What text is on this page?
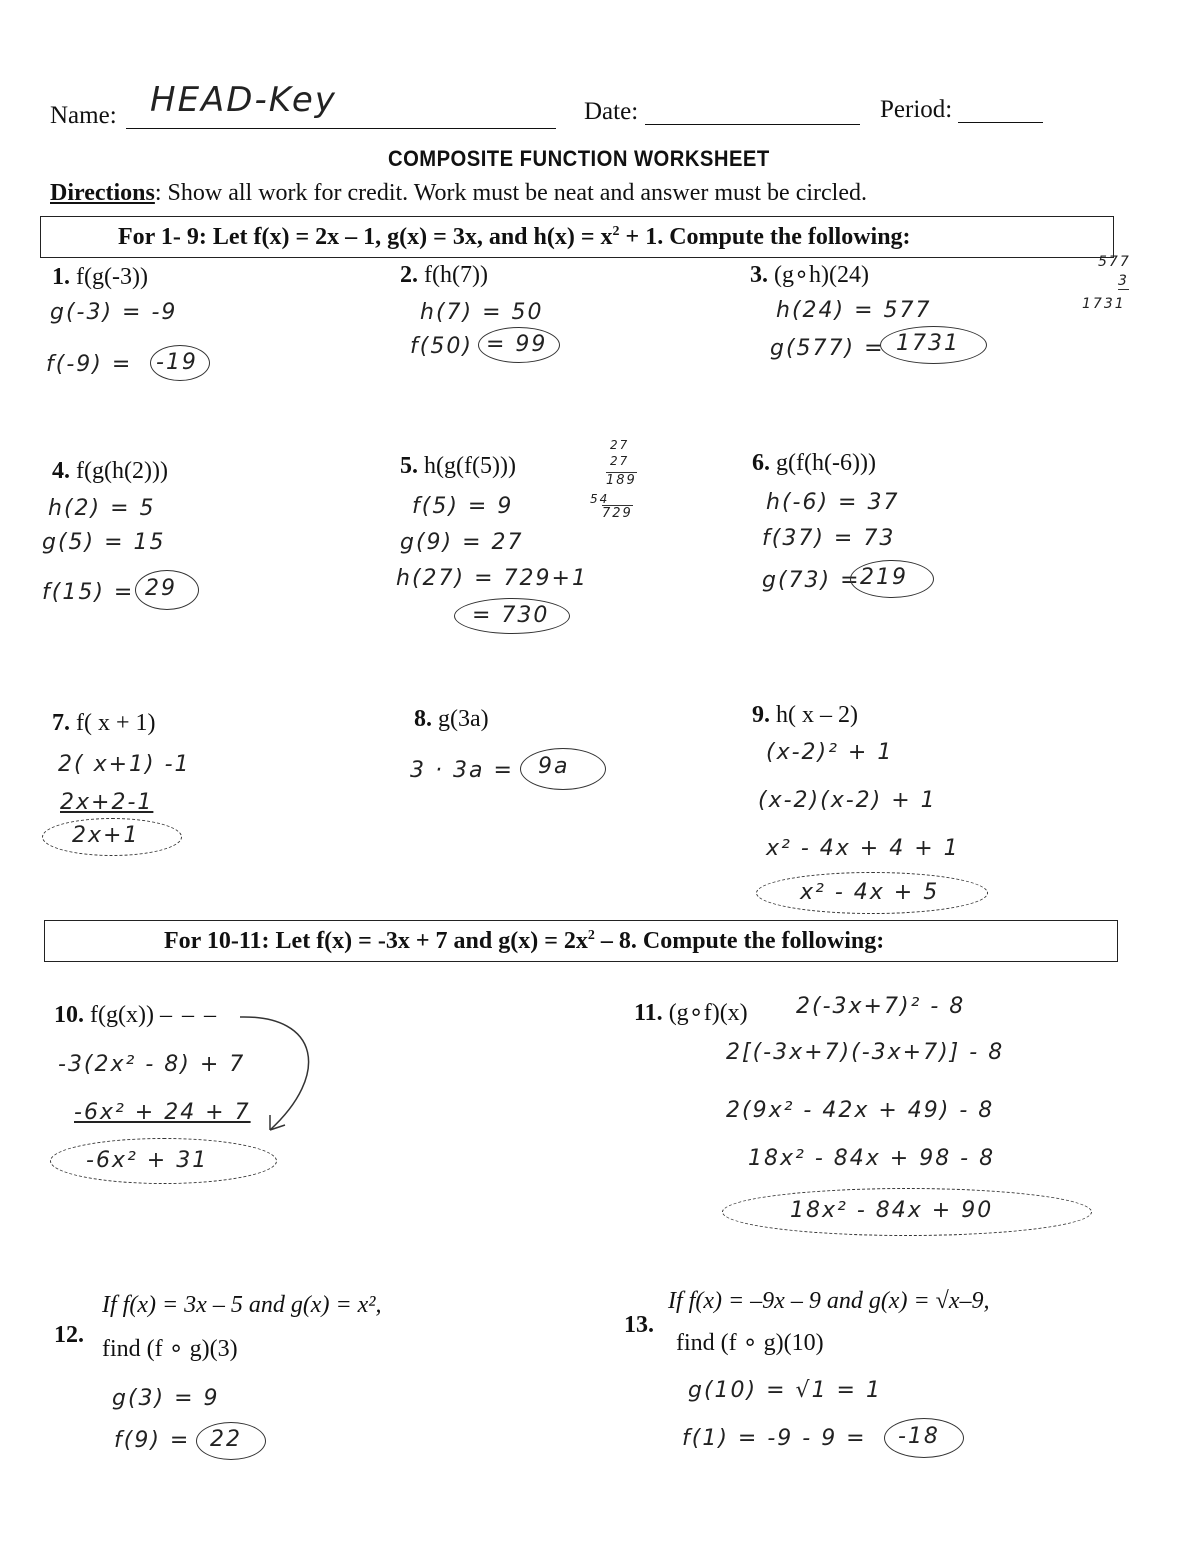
Name: HEAD-Key	Date:	Period:
COMPOSITE FUNCTION WORKSHEET
Directions: Show all work for credit. Work must be neat and answer must be circled.
For 1- 9: Let f(x) = 2x – 1, g(x) = 3x, and $h(x) = x^2 + 1$. Compute the following:
1. f(g(-3))
g(-3) = -9
f(-9) = -19
2. f(h(7))
h(7) = 50
f(50) = 99
3. (g∘h)(24)
h(24) = 577
g(577) = 1731
577
3
1731
4. f(g(h(2)))
h(2) = 5
g(5) = 15
f(15) = 29
5. h(g(f(5)))
f(5) = 9
g(9) = 27
h(27) = 729+1
= 730
27
27
189
54
729
6. g(f(h(-6)))
h(-6) = 37
f(37) = 73
g(73) = 219
7. f( x + 1)
2( x+1) -1
2x+2-1
2x+1
8. g(3a)
3 · 3a = 9a
9. h( x – 2)
(x-2)² + 1
(x-2)(x-2) + 1
x² - 4x + 4 + 1
x² - 4x + 5
For 10-11: Let f(x) = -3x + 7 and $g(x) = 2x^2 - 8$. Compute the following:
10. f(g(x)) – – –
-3(2x² - 8) + 7
-6x² + 24 + 7
-6x² + 31
11. (g∘f)(x) 2(-3x+7)² - 8
2[(-3x+7)(-3x+7)] - 8
2(9x² - 42x + 49) - 8
18x² - 84x + 98 - 8
18x² - 84x + 90
12.
If f(x) = 3x – 5 and g(x) = x²,
find (f ∘ g)(3)
g(3) = 9
f(9) = 22
13.
If f(x) = –9x – 9 and g(x) = √x–9,
find (f ∘ g)(10)
g(10) = √1 = 1
f(1) = -9 - 9 = -18
